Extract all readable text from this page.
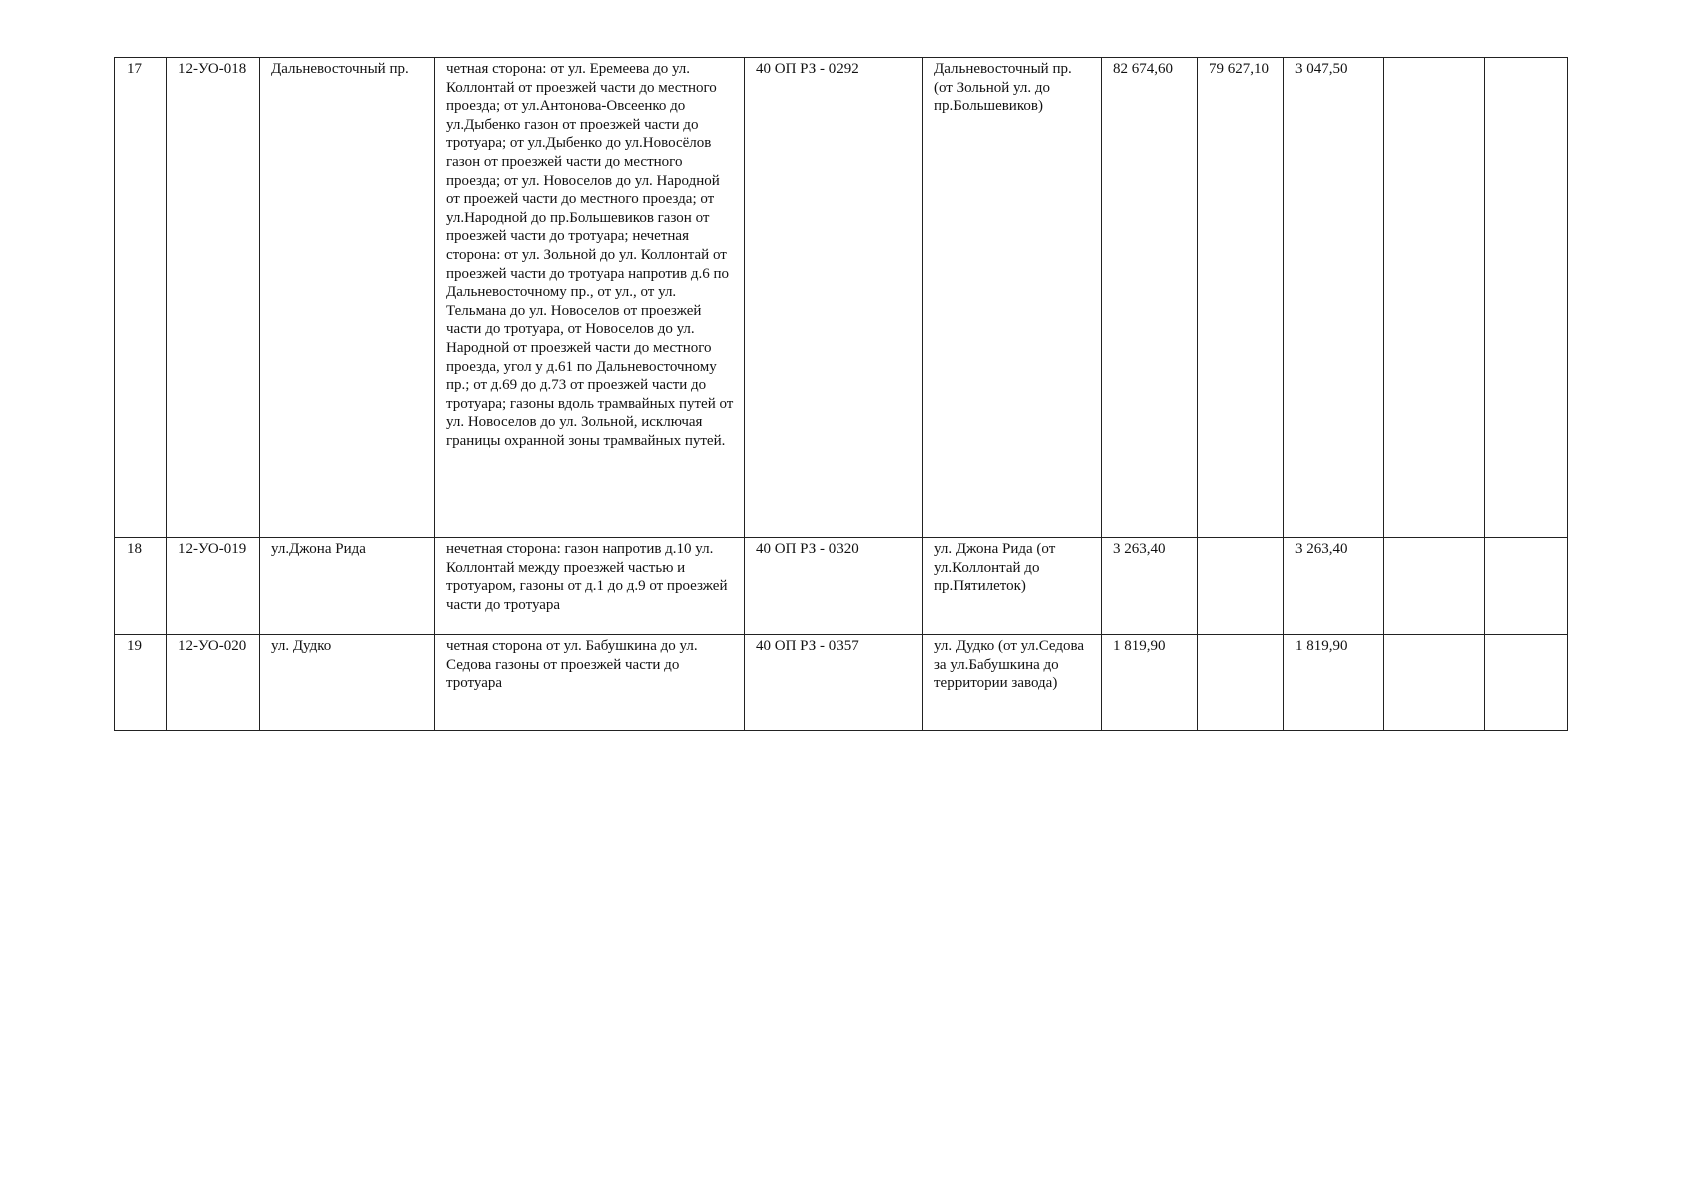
17	12-УО-018	Дальневосточный пр.	четная сторона: от ул. Еремеева до ул. Коллонтай от проезжей части до местного проезда; от ул.Антонова-Овсеенко до ул.Дыбенко газон от проезжей части до тротуара; от ул.Дыбенко до ул.Новосёлов газон от проезжей части до местного проезда; от ул. Новоселов до ул. Народной от проежей части до местного проезда; от ул.Народной до пр.Большевиков газон от проезжей части до тротуара; нечетная сторона: от ул. Зольной до ул. Коллонтай от проезжей части до тротуара напротив д.6 по Дальневосточному пр., от ул., от ул. Тельмана до ул. Новоселов от проезжей части до тротуара, от Новоселов до ул. Народной от проезжей части до местного проезда, угол у д.61 по Дальневосточному пр.; от д.69 до д.73 от проезжей части до тротуара; газоны вдоль трамвайных путей от ул. Новоселов до ул. Зольной, исключая границы охранной зоны трамвайных путей.	40 ОП РЗ - 0292	Дальневосточный пр. (от Зольной ул. до пр.Большевиков)	82 674,60	79 627,10	3 047,50		
18	12-УО-019	ул.Джона Рида	нечетная сторона: газон напротив д.10 ул. Коллонтай между проезжей частью и тротуаром, газоны от д.1 до д.9 от проезжей части до тротуара	40 ОП РЗ - 0320	ул. Джона Рида (от ул.Коллонтай до пр.Пятилеток)	3 263,40		3 263,40		
19	12-УО-020	ул. Дудко	четная сторона от ул. Бабушкина до ул. Седова газоны от проезжей части до тротуара	40 ОП РЗ - 0357	ул. Дудко (от ул.Седова за ул.Бабушкина до территории завода)	1 819,90		1 819,90		
